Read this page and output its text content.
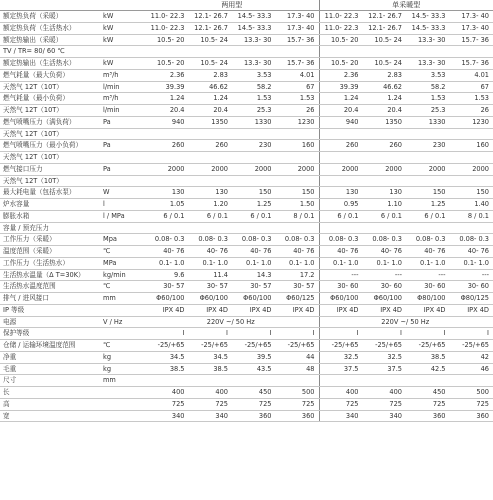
		两用型				单采暖型			
额定热负荷（采暖）	kW	11.0- 22.3	12.1- 26.7	14.5- 33.3	17.3- 40	11.0- 22.3	12.1- 26.7	14.5- 33.3	17.3- 40
额定热负荷（生活热水）	kW	11.0- 22.3	12.1- 26.7	14.5- 33.3	17.3- 40	11.0- 22.3	12.1- 26.7	14.5- 33.3	17.3- 40
额定热输出（采暖）	kW	10.5- 20	10.5- 24	13.3- 30	15.7- 36	10.5- 20	10.5- 24	13.3- 30	15.7- 36
TV / TR= 80/ 60 ℃									
额定热输出（生活热水）	kW	10.5- 20	10.5- 24	13.3- 30	15.7- 36	10.5- 20	10.5- 24	13.3- 30	15.7- 36
燃气耗量（最大负荷）	m³/h	2.36	2.83	3.53	4.01	2.36	2.83	3.53	4.01
天然气 12T（10T）	l/min	39.39	46.62	58.2	67	39.39	46.62	58.2	67
燃气耗量（最小负荷）	m³/h	1.24	1.24	1.53	1.53	1.24	1.24	1.53	1.53
天然气 12T（10T）	l/min	20.4	20.4	25.3	26	20.4	20.4	25.3	26
燃气喷嘴压力（满负荷）	Pa	940	1350	1330	1230	940	1350	1330	1230
天然气 12T（10T）									
燃气喷嘴压力（最小负荷）	Pa	260	260	230	160	260	260	230	160
天然气 12T（10T）									
燃气接口压力	Pa	2000	2000	2000	2000	2000	2000	2000	2000
天然气 12T（10T）									
最大耗电量（包括水泵）	W	130	130	150	150	130	130	150	150
炉水容量	l	1.05	1.20	1.25	1.50	0.95	1.10	1.25	1.40
膨胀水箱	l / MPa	6 / 0.1	6 / 0.1	6 / 0.1	8 / 0.1	6 / 0.1	6 / 0.1	6 / 0.1	8 / 0.1
容量 / 预充压力									
工作压力（采暖）	Mpa	0.08- 0.3	0.08- 0.3	0.08- 0.3	0.08- 0.3	0.08- 0.3	0.08- 0.3	0.08- 0.3	0.08- 0.3
温度范围（采暖）	℃	40- 76	40- 76	40- 76	40- 76	40- 76	40- 76	40- 76	40- 76
工作压力（生活热水）	MPa	0.1- 1.0	0.1- 1.0	0.1- 1.0	0.1- 1.0	0.1- 1.0	0.1- 1.0	0.1- 1.0	0.1- 1.0
生活热水温量（Δ T=30K）	kg/min	9.6	11.4	14.3	17.2	---	---	---	---
生活热水温度范围	℃	30- 57	30- 57	30- 57	30- 57	30- 60	30- 60	30- 60	30- 60
排气 / 进风接口	mm	Φ60/100	Φ60/100	Φ60/100	Φ60/125	Φ60/100	Φ60/100	Φ80/100	Φ80/125
IP 等级		IPX 4D	IPX 4D	IPX 4D	IPX 4D	IPX 4D	IPX 4D	IPX 4D	IPX 4D
电源	V / Hz	220V ~/ 50 Hz				220V ~/ 50 Hz			
保护等级		I	I	I	I	I	I	I	I
仓储 / 运输环境温度范围	℃	-25/+65	-25/+65	-25/+65	-25/+65	-25/+65	-25/+65	-25/+65	-25/+65
净重	kg	34.5	34.5	39.5	44	32.5	32.5	38.5	42
毛重	kg	38.5	38.5	43.5	48	37.5	37.5	42.5	46
尺寸	mm								
长		400	400	450	500	400	400	450	500
高		725	725	725	725	725	725	725	725
宽		340	340	360	360	340	340	360	360
